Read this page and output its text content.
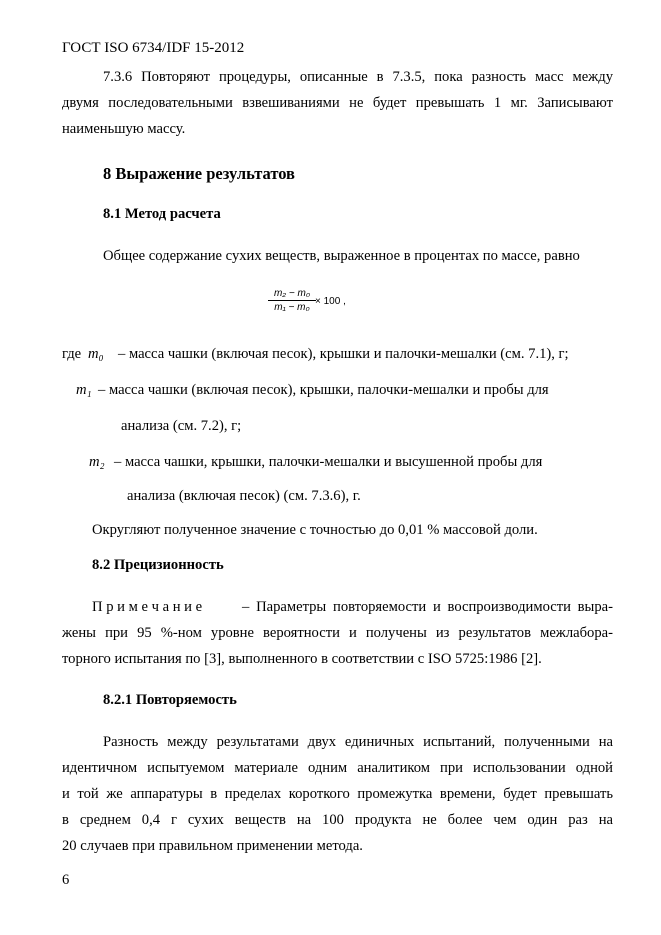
ГОСТ ISO 6734/IDF 15-2012
7.3.6 Повторяют процедуры, описанные в 7.3.5, пока разность масс между
двумя последовательными взвешиваниями не будет превышать 1 мг. Записывают
наименьшую массу.
8 Выражение результатов
8.1 Метод расчета
Общее содержание сухих веществ, выраженное в процентах по массе, равно
$\frac{\text{m₂ − m₀}}{\text{m₁ − m₀}} \times 100$ ,
где m₀ – масса чашки (включая песок), крышки и палочки-мешалки (см. 7.1), г;
m₁ – масса чашки (включая песок), крышки, палочки-мешалки и пробы для
анализа (см. 7.2), г;
m₂ – масса чашки, крышки, палочки-мешалки и высушенной пробы для
анализа (включая песок) (см. 7.3.6), г.
Округляют полученное значение с точностью до 0,01 % массовой доли.
8.2 Прецизионность
П р и м е ч а н и е	– Параметры повторяемости и воспроизводимости выра-
жены при 95 %-ном уровне вероятности и получены из результатов межлабора-
торного испытания по [3], выполненного в соответствии с ISO 5725:1986 [2].
8.2.1 Повторяемость
Разность между результатами двух единичных испытаний, полученными на
идентичном испытуемом материале одним аналитиком при использовании одной
и той же аппаратуры в пределах короткого промежутка времени, будет превышать
в среднем 0,4 г сухих веществ на 100 продукта не более чем один раз на
20 случаев при правильном применении метода.
6
